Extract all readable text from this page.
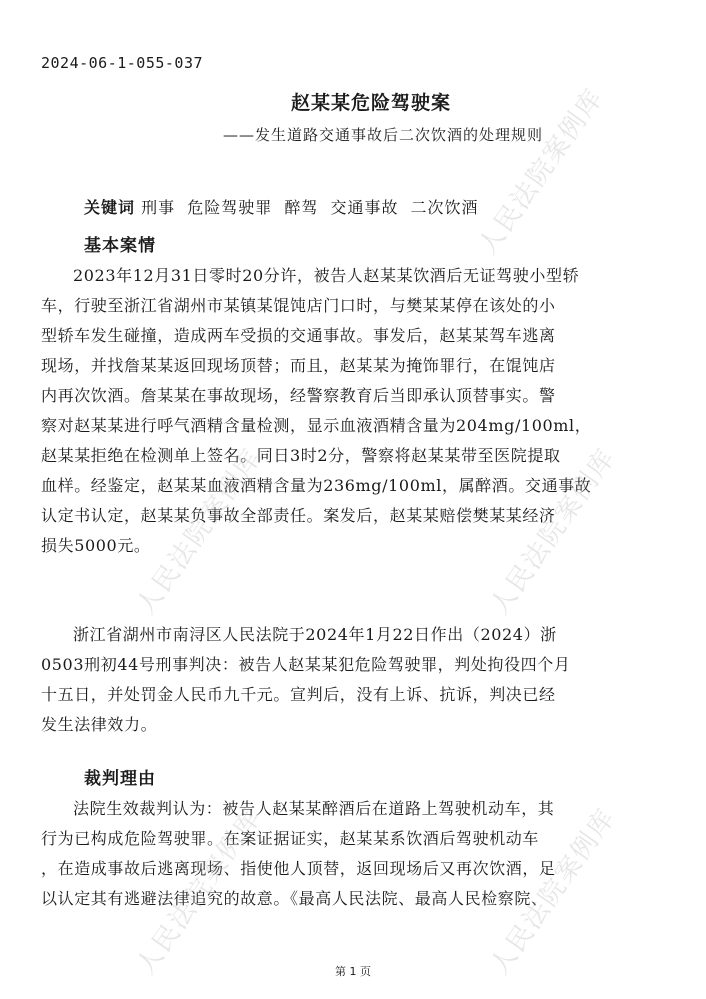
2024-06-1-055-037
赵某某危险驾驶案
——发生道路交通事故后二次饮酒的处理规则
关键词 刑事 危险驾驶罪 醉驾 交通事故 二次饮酒
基本案情
2023年12月31日零时20分许，被告人赵某某饮酒后无证驾驶小型轿
车，行驶至浙江省湖州市某镇某馄饨店门口时，与樊某某停在该处的小
型轿车发生碰撞，造成两车受损的交通事故。事发后，赵某某驾车逃离
现场，并找詹某某返回现场顶替；而且，赵某某为掩饰罪行，在馄饨店
内再次饮酒。詹某某在事故现场，经警察教育后当即承认顶替事实。警
察对赵某某进行呼气酒精含量检测，显示血液酒精含量为204mg/100ml，
赵某某拒绝在检测单上签名。同日3时2分，警察将赵某某带至医院提取
血样。经鉴定，赵某某血液酒精含量为236mg/100ml，属醉酒。交通事故
认定书认定，赵某某负事故全部责任。案发后，赵某某赔偿樊某某经济
损失5000元。
浙江省湖州市南浔区人民法院于2024年1月22日作出（2024）浙
0503刑初44号刑事判决：被告人赵某某犯危险驾驶罪，判处拘役四个月
十五日，并处罚金人民币九千元。宣判后，没有上诉、抗诉，判决已经
发生法律效力。
裁判理由
法院生效裁判认为：被告人赵某某醉酒后在道路上驾驶机动车，其
行为已构成危险驾驶罪。在案证据证实，赵某某系饮酒后驾驶机动车
，在造成事故后逃离现场、指使他人顶替，返回现场后又再次饮酒，足
以认定其有逃避法律追究的故意。《最高人民法院、最高人民检察院、
第 1 页
人民法院案例库
人民法院案例库	人民法院案例库
人民法院案例库	人民法院案例库
